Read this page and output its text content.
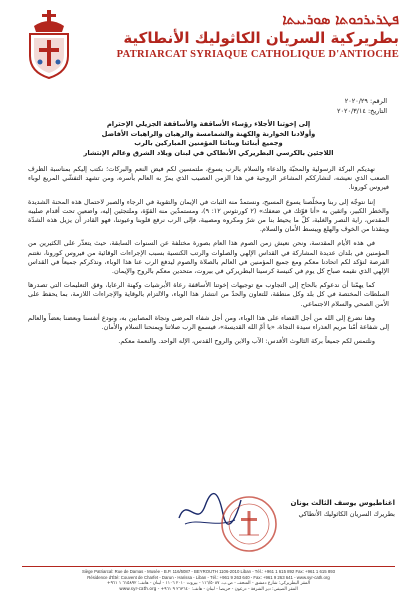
ܦܛܪܝܪܟܘܬܐ ܣܘܪܝܝܬܐ
بطريركية السريان الكاثوليك الأنطاكية
PATRIARCAT SYRIAQUE CATHOLIQUE D'ANTIOCHE
الرقم: ٢٠٢٠/٢٩
التاريخ: ٢٠٢٠/٣/١٤
إلى إخوتنا الأجلاء رؤساء الأساقفة والأساقفة الجزيلي الإحترام
وأولادنا الخوارنة والكهنة والشمامسة والرهبان والراهبات الأفاضل
وجميع أبنائنا وبناتنا المؤمنين المباركين بالرب
اللاجئين بالكرسي البطريركي الأنطاكي في لبنان وبلاد الشرق وعالم الإنتشار

نهديكم البركة الرسولية والمحبّة والدعاء والسلام بالرب يسوع، ملتمسين لكم فيض النعم والبركات؛ نكتب إليكم بمناسبة الظرف الصعب الذي نعيشه، لنشارككم المشاعر الروحية في هذا الزمن العصيب الذي يمرّ به العالم بأسره، ومن تشهد التفشّي المريع لوباء فيروس كورونا.

إننا نتوجّه إلى ربنا ومخلّصنا يسوع المسيح، ونستمدّ منه الثبات في الإيمان والتقوية في الرجاء والصبر لاحتمال هذه المحنة الشديدة والخطر الكبير، واثقين به «أنا قوّتك في ضعفك» (٢ كورنثوس ١٢: ٩)، ومستمدّين منه القوّة، وملتجئين إليه، واضعين تحت أقدام صليبه المقدس، راية النصر والغلبة، كلّ ما يحيط بنا من شرّ ومكروه ومصيبة، فإلى الرب نرفع قلوبنا وعيوننا، فهو القادر أن يزيل هذه الشدّة وينقذنا من الخوف والهلع ويبسط الأمان والسلام.

في هذه الأيام المقدسة، ونحن نعيش زمن الصوم هذا العام بصورة مختلفة عن السنوات السابقة، حيث يتعذّر على الكثيرين من المؤمنين في بلدان عديدة المشاركة في القداس الإلهي والصلوات والرتب الكنسية بسبب الإجراءات الوقائية من فيروس كورونا، نغتنم الفرصة لنؤكد لكم اتحادنا معكم ومع جميع المؤمنين في العالم بالصلاة والصوم ليدفع الرب عنا هذا الوباء، ونذكركم جميعاً في القداس الإلهي الذي نقيمه صباح كل يوم في كنيسة كرسينا البطريركي في بيروت، متحدين معكم بالروح والإيمان.

كما يهمّنا أن ندعوكم بالحاح إلى التجاوب مع توجيهات إخوتنا الأساقفة رعاة الأبرشيات وكهنة الرعايا، وفق التعليمات التي تصدرها السلطات المختصة في كل بلد وكل منطقة، للتعاون والحدّ من انتشار هذا الوباء، والالتزام بالوقاية والإجراءات اللازمة، بما يحفظ على الأمن الصحي والسلام الاجتماعي.

وهنا نضرع إلى الله من أجل القضاء على هذا الوباء، ومن أجل شفاء المرضى ونجاة المصابين به، ونودع أنفسنا وبعضنا بعضاً والعالم إلى شفاعة أمّنا مريم العذراء سيدة النجاة، «يا أمّ الله القديسة»، فيسمع الرب صلاتنا ويمنحنا السلام والأمان.

ونلتمس لكم جميعاً بركة الثالوث الأقدس: الآب والابن والروح القدس، الإله الواحد. والنعمة معكم.

اغناطيوس يوسف الثالث يونان
بطريرك السريان الكاثوليك الأنطاكي
Siège Patriarcal: Rue de Damas - Musée - B.P. 116/5087 - BEYROUTH 1106-2010 Liban - Tél.: +961 1 615 892 Fax: +961 1 615 893
Résidence d'Été: Couvent de Charfet - Darun - Harissa - Liban - Tél.: +961 9 263 640 - Fax: +961 9 263 641 - www.syr-cath.org
المقر البطريركي: شارع دمشق - المتحف - ص.ب. ١١٦/٥٠٨٧ - بيروت ٢٠١٠ ١١٠٦ - لبنان - هاتف: ٦١٥٨٩٢ ١ ٩٦١+
المقر الصيفي: دير الشرفة - درعون - حريصا - لبنان - هاتف: ٢٦٣٦٤٠ ٩ ٩٦١+ - www.syr-cath.org
